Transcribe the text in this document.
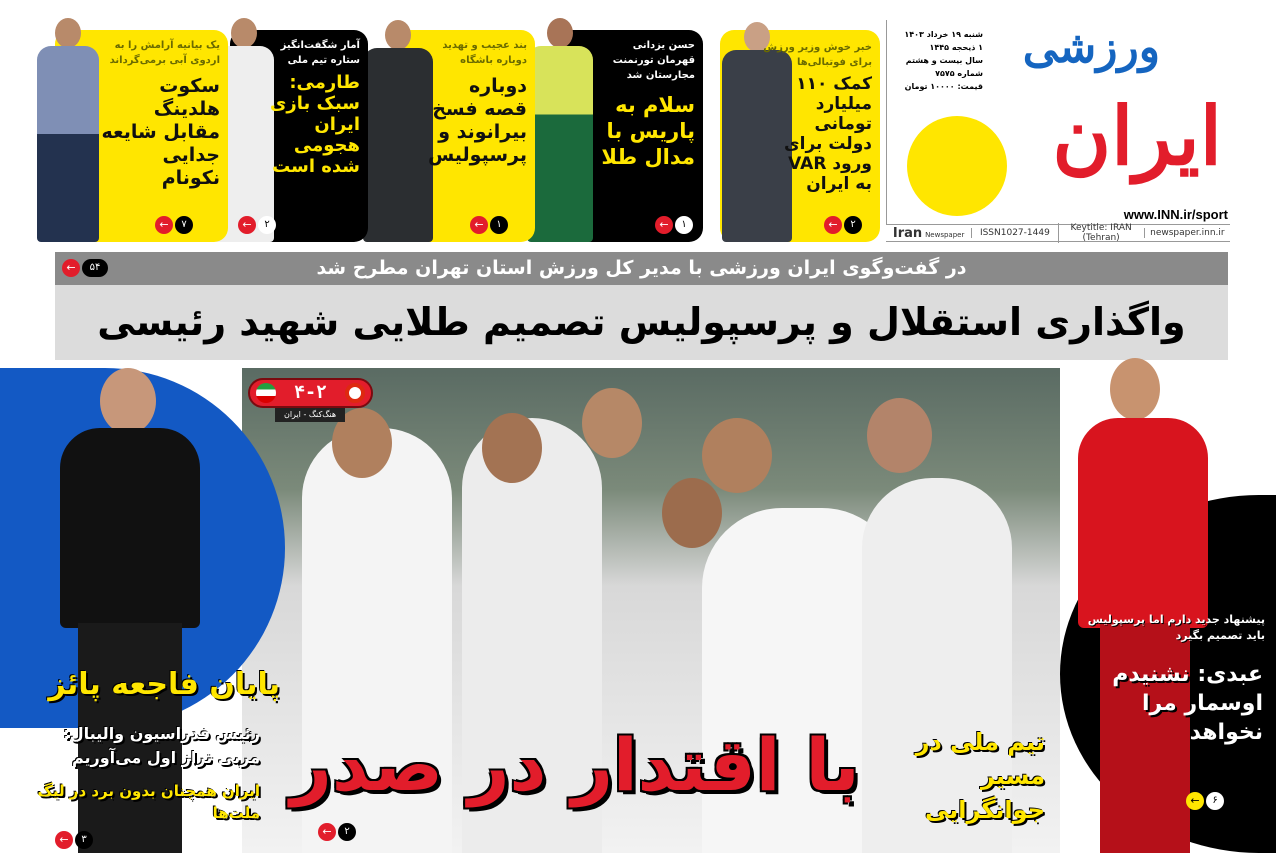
ورزشی
ایران
شنبه ۱۹ خرداد ۱۴۰۳
۱ ذیحجه ۱۴۴۵
سال بیست و هشتم
شماره ۷۵۷۵
قیمت: ۱۰۰۰۰ تومان
www.INN.ir/sport
Iran Newspaper	ISSN1027-1449	Keytitle: IRAN (Tehran)	newspaper.inn.ir
خبر خوش وزیر ورزش برای فوتبالی‌ها
کمک ۱۱۰ میلیارد تومانی دولت برای ورود VAR به ایران
←	۲
حسن یزدانی قهرمان تورنمنت مجارستان شد
سلام به پاریس با مدال طلا
←	۱
بند عجیب و تهدید دوباره باشگاه
دوباره قصه فسخ بیرانوند و پرسپولیس
←	۱
آمار شگفت‌انگیز ستاره تیم ملی
طارمی: سبک بازی ایران هجومی شده است
←	۲
یک بیانیه آرامش را به اردوی آبی برمی‌گرداند
سکوت هلدینگ مقابل شایعه جدایی نکونام
←	۷
در گفت‌وگوی ایران ورزشی با مدیر کل ورزش استان تهران مطرح شد
واگذاری استقلال و پرسپولیس تصمیم طلایی شهید رئیسی
←	۵۴
۴-۲
هنگ‌کنگ - ایران
با اقتدار در صدر	تیم ملی در مسیر جوانگرایی
←	۲
پایان فاجعه پائز
رئیس فدراسیون والیبال: مربی تراز اول می‌آوریم
ایران همچنان بدون برد در لیگ ملت‌ها
←	۳
پیشنهاد جدید دارم اما پرسپولیس باید تصمیم بگیرد
عبدی: نشنیدم اوسمار مرا نخواهد
←	۶
